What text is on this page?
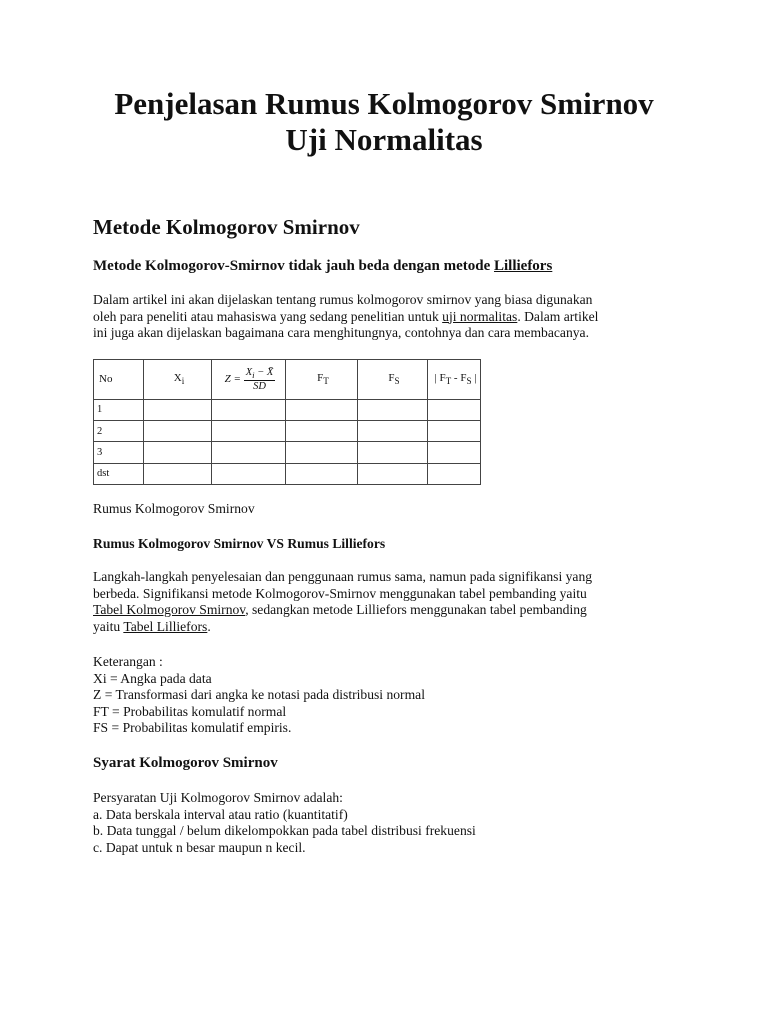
Penjelasan Rumus Kolmogorov Smirnov
Uji Normalitas
Metode Kolmogorov Smirnov

Metode Kolmogorov-Smirnov tidak jauh beda dengan metode Lilliefors

Dalam artikel ini akan dijelaskan tentang rumus kolmogorov smirnov yang biasa digunakan
oleh para peneliti atau mahasiswa yang sedang penelitian untuk uji normalitas. Dalam artikel
ini juga akan dijelaskan bagaimana cara menghitungnya, contohnya dan cara membacanya.

No	$X_i$	$Z = \frac{X_i - X̄}{SD}$	$F_T$	$F_S$	| $F_T - F_S$ |
1					
2					
3					
dst					

Rumus Kolmogorov Smirnov

Rumus Kolmogorov Smirnov VS Rumus Lilliefors

Langkah-langkah penyelesaian dan penggunaan rumus sama, namun pada signifikansi yang
berbeda. Signifikansi metode Kolmogorov-Smirnov menggunakan tabel pembanding yaitu
Tabel Kolmogorov Smirnov, sedangkan metode Lilliefors menggunakan tabel pembanding
yaitu Tabel Lilliefors.

Keterangan :
Xi = Angka pada data
Z = Transformasi dari angka ke notasi pada distribusi normal
FT = Probabilitas komulatif normal
FS = Probabilitas komulatif empiris.

Syarat Kolmogorov Smirnov

Persyaratan Uji Kolmogorov Smirnov adalah:
a. Data berskala interval atau ratio (kuantitatif)
b. Data tunggal / belum dikelompokkan pada tabel distribusi frekuensi
c. Dapat untuk n besar maupun n kecil.
